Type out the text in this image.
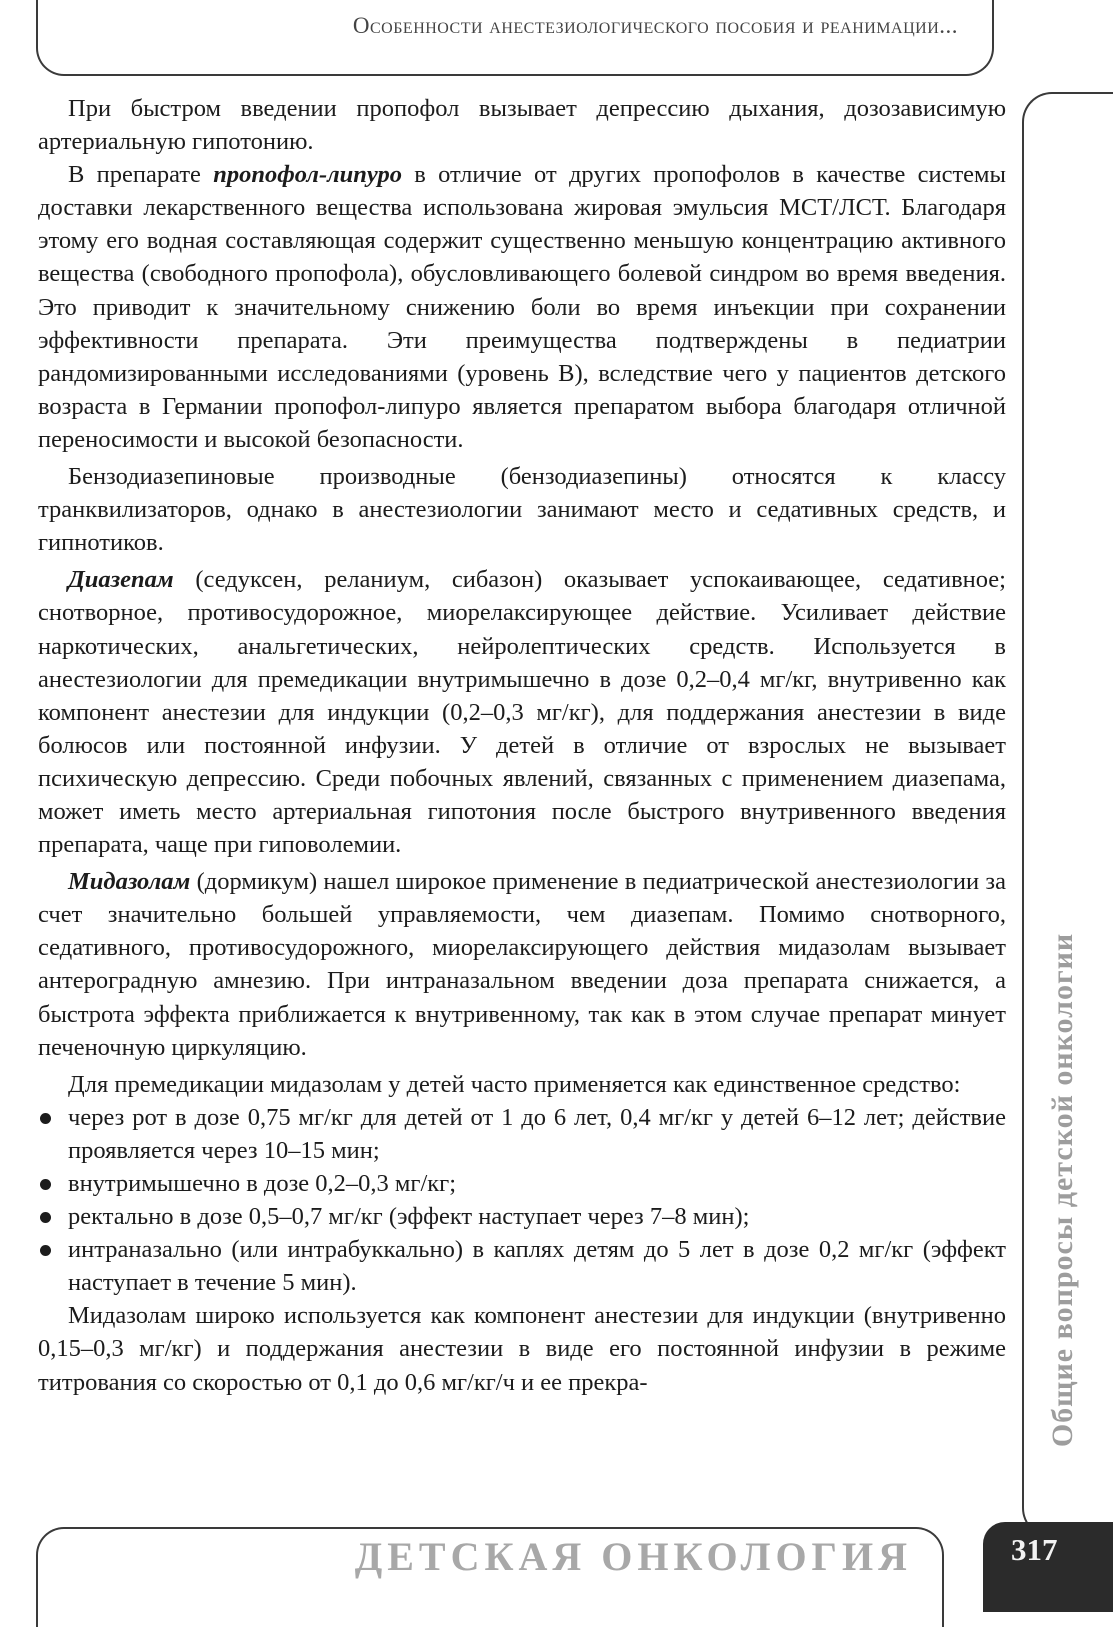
Особенности анестезиологического пособия и реанимации...
Общие вопросы детской онкологии

При быстром введении пропофол вызывает депрессию дыхания, дозозависимую артериальную гипотонию.

В препарате пропофол-липуро в отличие от других пропофолов в качестве системы доставки лекарственного вещества использована жировая эмульсия МСТ/ЛСТ. Благодаря этому его водная составляющая содержит существенно меньшую концентрацию активного вещества (свободного пропофола), обусловливающего болевой синдром во время введения. Это приводит к значительному снижению боли во время инъекции при сохранении эффективности препарата. Эти преимущества подтверждены в педиатрии рандомизированными исследованиями (уровень В), вследствие чего у пациентов детского возраста в Германии пропофол-липуро является препаратом выбора благодаря отличной переносимости и высокой безопасности.

Бензодиазепиновые производные (бензодиазепины) относятся к классу транквилизаторов, однако в анестезиологии занимают место и седативных средств, и гипнотиков.

Диазепам (седуксен, реланиум, сибазон) оказывает успокаивающее, седативное; снотворное, противосудорожное, миорелаксирующее действие. Усиливает действие наркотических, анальгетических, нейролептических средств. Используется в анестезиологии для премедикации внутримышечно в дозе 0,2–0,4 мг/кг, внутривенно как компонент анестезии для индукции (0,2–0,3 мг/кг), для поддержания анестезии в виде болюсов или постоянной инфузии. У детей в отличие от взрослых не вызывает психическую депрессию. Среди побочных явлений, связанных с применением диазепама, может иметь место артериальная гипотония после быстрого внутривенного введения препарата, чаще при гиповолемии.

Мидазолам (дормикум) нашел широкое применение в педиатрической анестезиологии за счет значительно большей управляемости, чем диазепам. Помимо снотворного, седативного, противосудорожного, миорелаксирующего действия мидазолам вызывает антероградную амнезию. При интраназальном введении доза препарата снижается, а быстрота эффекта приближается к внутривенному, так как в этом случае препарат минует печеночную циркуляцию.

Для премедикации мидазолам у детей часто применяется как единственное средство:

через рот в дозе 0,75 мг/кг для детей от 1 до 6 лет, 0,4 мг/кг у детей 6–12 лет; действие проявляется через 10–15 мин;
внутримышечно в дозе 0,2–0,3 мг/кг;
ректально в дозе 0,5–0,7 мг/кг (эффект наступает через 7–8 мин);
интраназально (или интрабуккально) в каплях детям до 5 лет в дозе 0,2 мг/кг (эффект наступает в течение 5 мин).

Мидазолам широко используется как компонент анестезии для индукции (внутривенно 0,15–0,3 мг/кг) и поддержания анестезии в виде его постоянной инфузии в режиме титрования со скоростью от 0,1 до 0,6 мг/кг/ч и ее прекра-

ДЕТСКАЯ ОНКОЛОГИЯ	317
